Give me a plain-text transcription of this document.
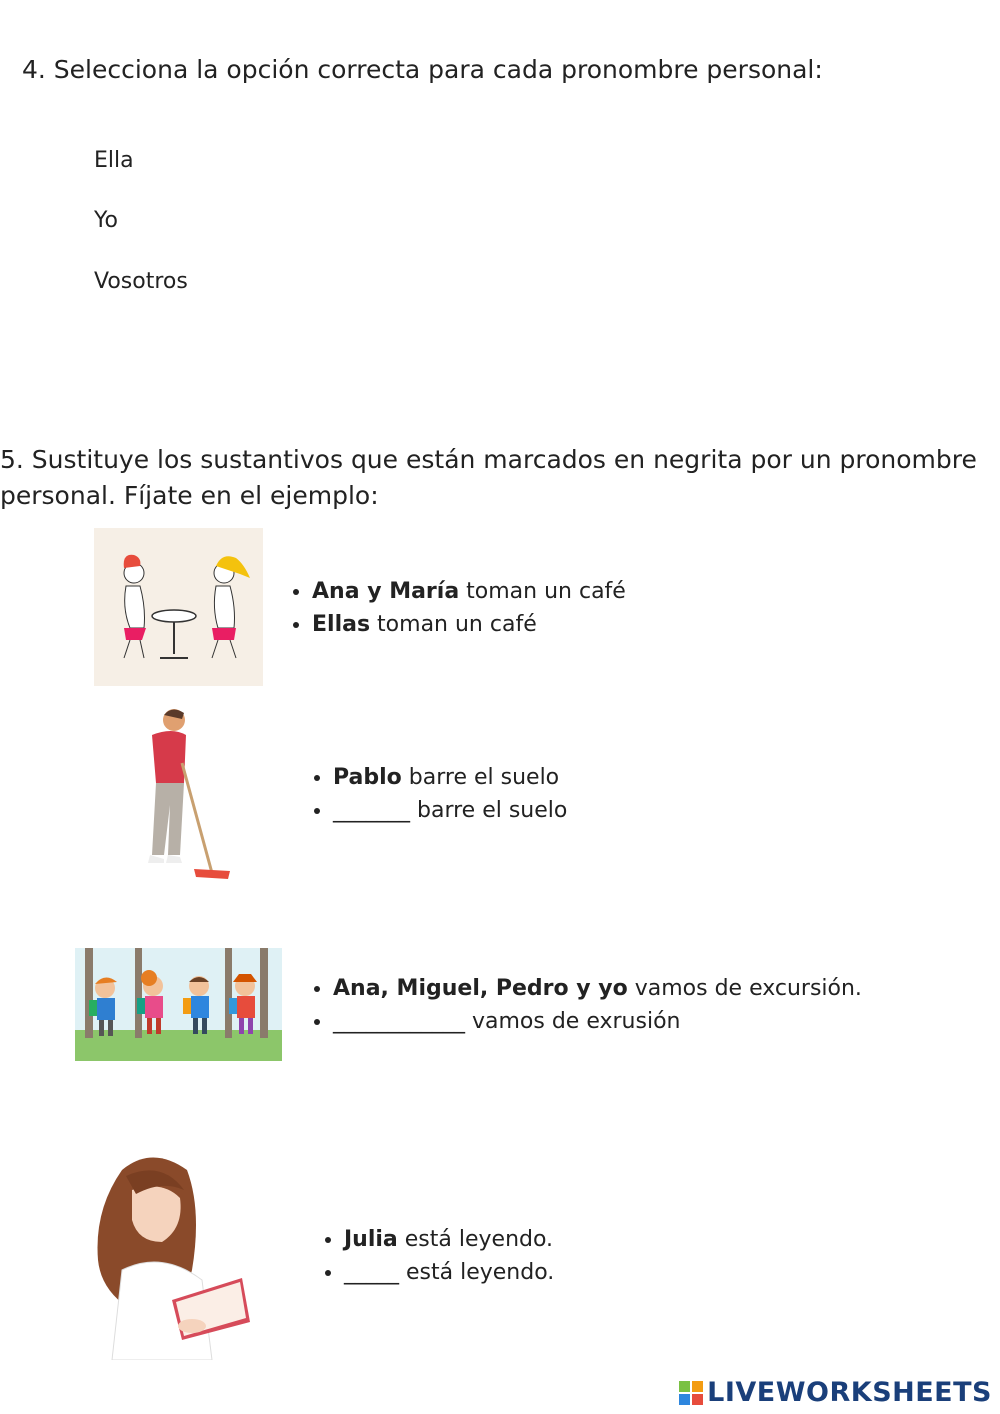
4. Selecciona la opción correcta para cada pronombre personal:
Ella
Yo
Vosotros
5. Sustituye los sustantivos que están marcados en negrita por un pronombre personal. Fíjate en el ejemplo:
• Ana y María toman un café
• Ellas toman un café
• Pablo barre el suelo
• _______ barre el suelo
• Ana, Miguel, Pedro y yo vamos de excursión.
• ____________ vamos de exrusión
• Julia está leyendo.
• _____ está leyendo.
LIVEWORKSHEETS
